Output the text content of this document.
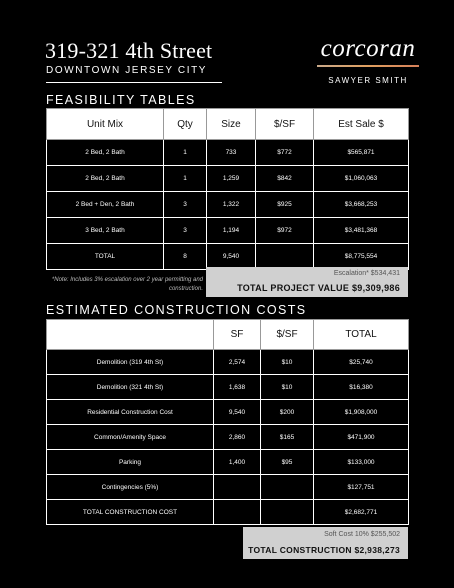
319-321 4th Street
DOWNTOWN JERSEY CITY
corcoran
SAWYER SMITH
FEASIBILITY TABLES
Unit Mix	Qty	Size	$/SF	Est Sale $
2 Bed, 2 Bath	1	733	$772	$565,871
2 Bed, 2 Bath	1	1,259	$842	$1,060,063
2 Bed + Den, 2 Bath	3	1,322	$925	$3,668,253
3 Bed, 2 Bath	3	1,194	$972	$3,481,368
TOTAL	8	9,540		$8,775,554
*Note: Includes 3% escalation over 2 year permitting and construction.
Escalation* $534,431
TOTAL PROJECT VALUE $9,309,986
ESTIMATED CONSTRUCTION COSTS
	SF	$/SF	TOTAL
Demolition (319 4th St)	2,574	$10	$25,740
Demolition (321 4th St)	1,638	$10	$16,380
Residential Construction Cost	9,540	$200	$1,908,000
Common/Amenity Space	2,860	$165	$471,900
Parking	1,400	$95	$133,000
Contingencies (5%)			$127,751
TOTAL CONSTRUCTION COST			$2,682,771
Soft Cost 10% $255,502
TOTAL CONSTRUCTION $2,938,273
